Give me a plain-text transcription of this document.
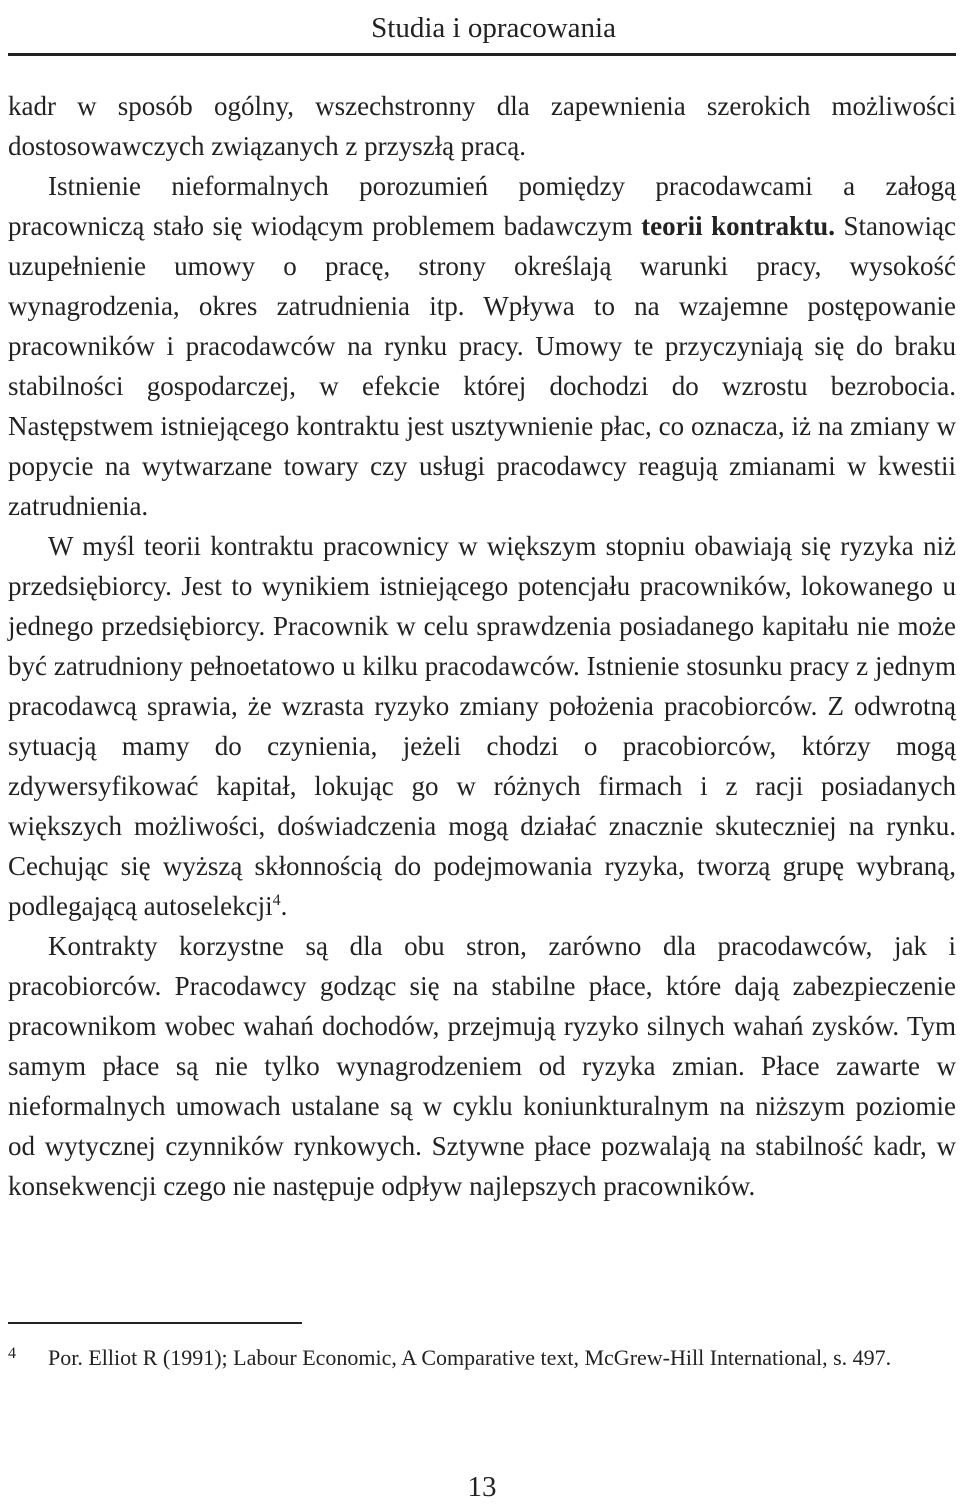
Studia i opracowania

kadr w sposób ogólny, wszechstronny dla zapewnienia szerokich możliwości dostosowawczych związanych z przyszłą pracą.

Istnienie nieformalnych porozumień pomiędzy pracodawcami a załogą pracowniczą stało się wiodącym problemem badawczym teorii kontraktu. Stanowiąc uzupełnienie umowy o pracę, strony określają warunki pracy, wysokość wynagrodzenia, okres zatrudnienia itp. Wpływa to na wzajemne postępowanie pracowników i pracodawców na rynku pracy. Umowy te przyczyniają się do braku stabilności gospodarczej, w efekcie której dochodzi do wzrostu bezrobocia. Następstwem istniejącego kontraktu jest usztywnienie płac, co oznacza, iż na zmiany w popycie na wytwarzane towary czy usługi pracodawcy reagują zmianami w kwestii zatrudnienia.

W myśl teorii kontraktu pracownicy w większym stopniu obawiają się ryzyka niż przedsiębiorcy. Jest to wynikiem istniejącego potencjału pracowników, lokowanego u jednego przedsiębiorcy. Pracownik w celu sprawdzenia posiadanego kapitału nie może być zatrudniony pełnoetatowo u kilku pracodawców. Istnienie stosunku pracy z jednym pracodawcą sprawia, że wzrasta ryzyko zmiany położenia pracobiorców. Z odwrotną sytuacją mamy do czynienia, jeżeli chodzi o pracobiorców, którzy mogą zdywersyfikować kapitał, lokując go w różnych firmach i z racji posiadanych większych możliwości, doświadczenia mogą działać znacznie skuteczniej na rynku. Cechując się wyższą skłonnością do podejmowania ryzyka, tworzą grupę wybraną, podlegającą autoselekcji$^4$.

Kontrakty korzystne są dla obu stron, zarówno dla pracodawców, jak i pracobiorców. Pracodawcy godząc się na stabilne płace, które dają zabezpieczenie pracownikom wobec wahań dochodów, przejmują ryzyko silnych wahań zysków. Tym samym płace są nie tylko wynagrodzeniem od ryzyka zmian. Płace zawarte w nieformalnych umowach ustalane są w cyklu koniunkturalnym na niższym poziomie od wytycznej czynników rynkowych. Sztywne płace pozwalają na stabilność kadr, w konsekwencji czego nie następuje odpływ najlepszych pracowników.

4 Por. Elliot R (1991); Labour Economic, A Comparative text, McGrew-Hill International, s. 497.
13
